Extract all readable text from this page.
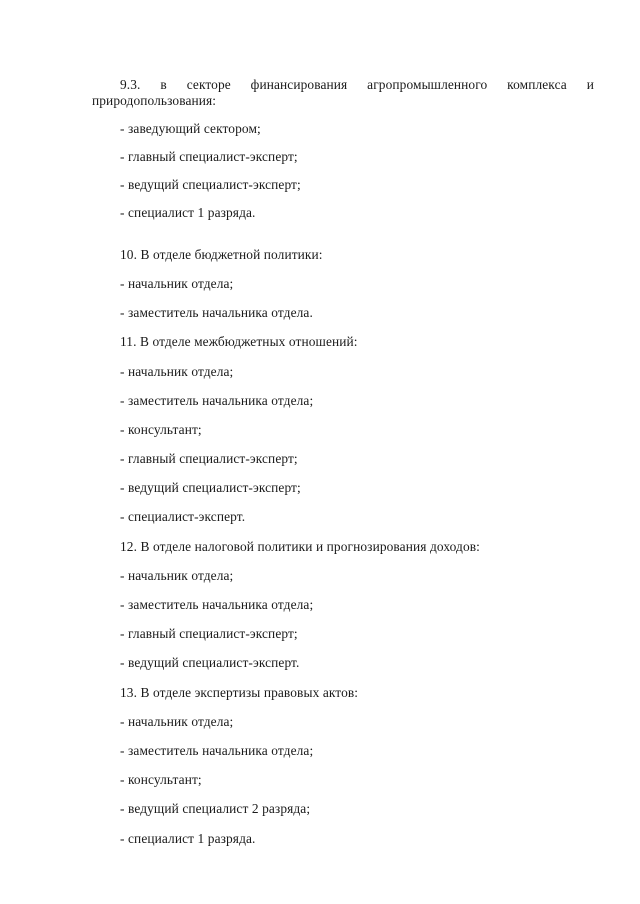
9.3. в секторе финансирования агропромышленного комплекса и
природопользования:
- заведующий сектором;
- главный специалист-эксперт;
- ведущий специалист-эксперт;
- специалист 1 разряда.
10. В отделе бюджетной политики:
- начальник отдела;
- заместитель начальника отдела.
11. В отделе межбюджетных отношений:
- начальник отдела;
- заместитель начальника отдела;
- консультант;
- главный специалист-эксперт;
- ведущий специалист-эксперт;
- специалист-эксперт.
12. В отделе налоговой политики и прогнозирования доходов:
- начальник отдела;
- заместитель начальника отдела;
- главный специалист-эксперт;
- ведущий специалист-эксперт.
13. В отделе экспертизы правовых актов:
- начальник отдела;
- заместитель начальника отдела;
- консультант;
- ведущий специалист 2 разряда;
- специалист 1 разряда.
